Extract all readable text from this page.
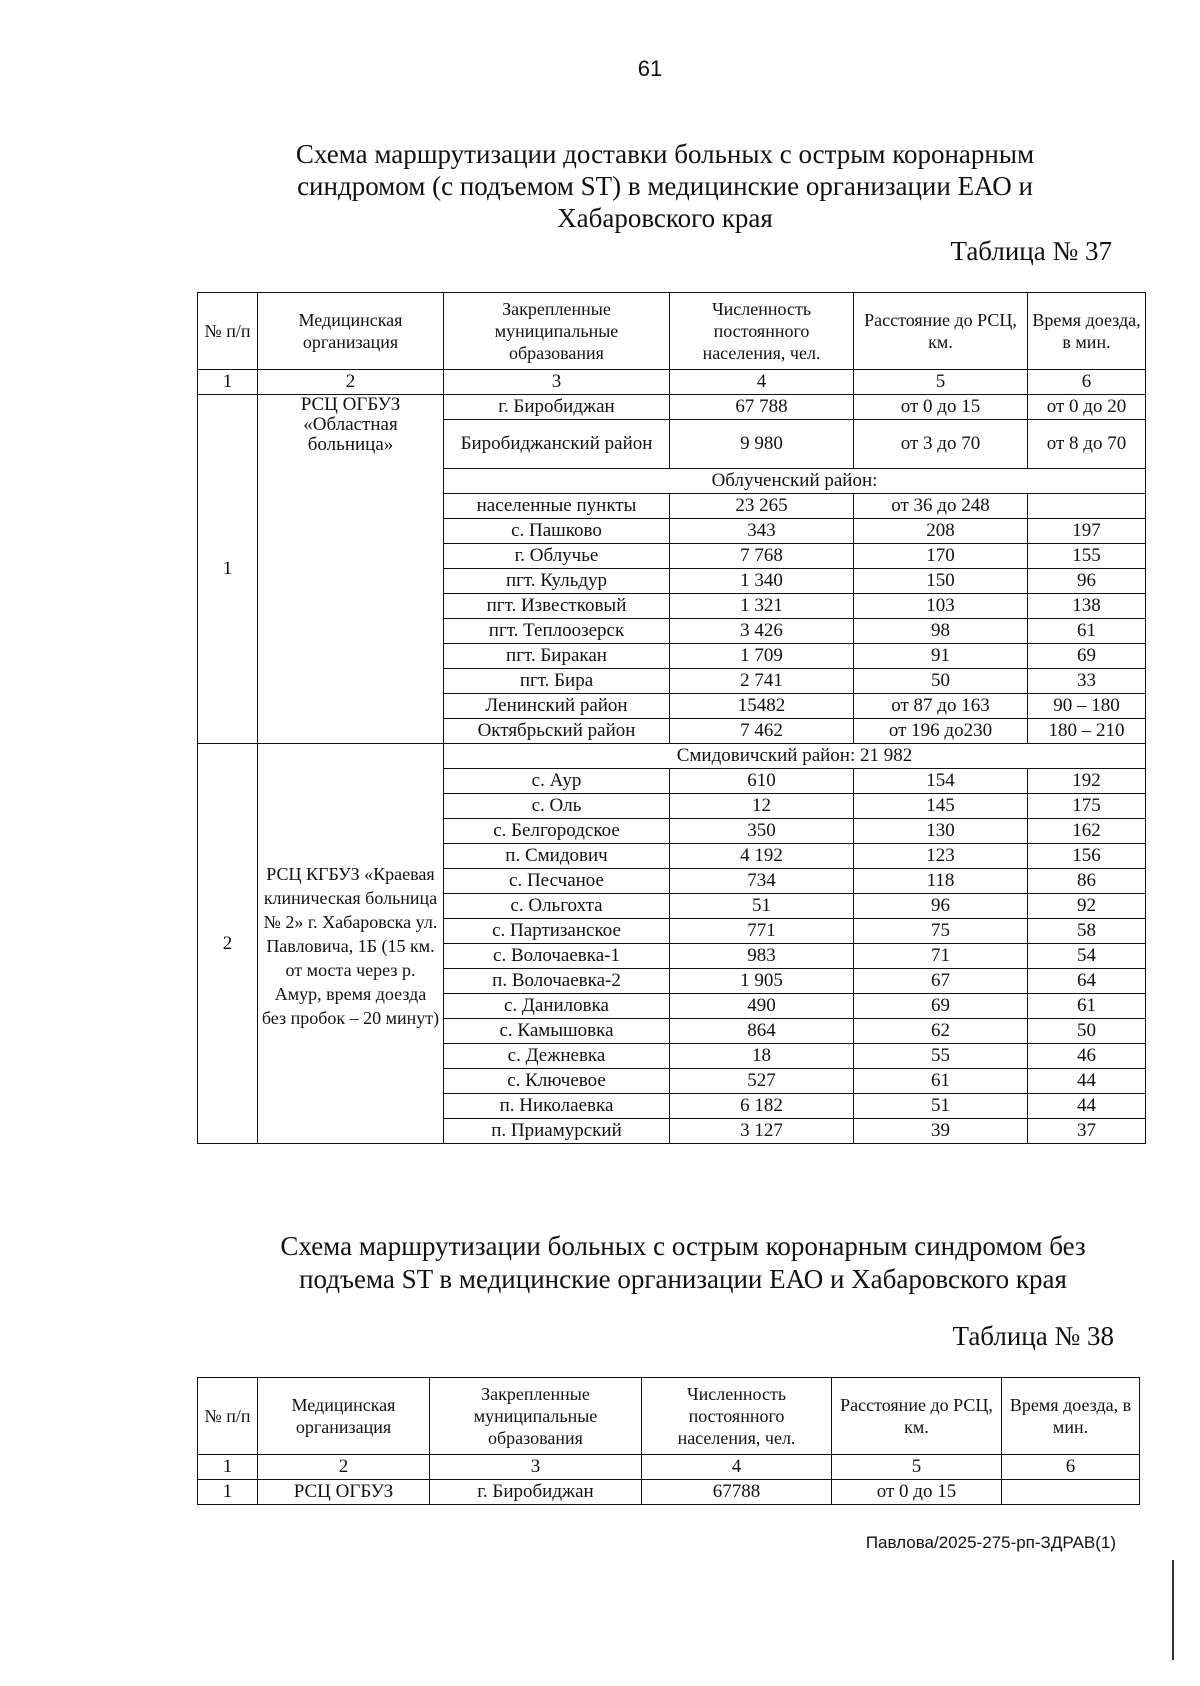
61
Схема маршрутизации доставки больных с острым коронарным синдромом (с подъемом ST) в медицинские организации ЕАО и Хабаровского края
Таблица № 37
№ п/п	Медицинская организация	Закрепленные муниципальные образования	Численность постоянного населения, чел.	Расстояние до РСЦ, км.	Время доезда, в мин.
1	2	3	4	5	6
1	РСЦ ОГБУЗ «Областная больница»	г. Биробиджан	67 788	от 0 до 15	от 0 до 20
		Биробиджанский район	9 980	от 3 до 70	от 8 до 70
		Облученский район:			
		населенные пункты	23 265	от 36 до 248	
		с. Пашково	343	208	197
		г. Облучье	7 768	170	155
		пгт. Кульдур	1 340	150	96
		пгт. Известковый	1 321	103	138
		пгт. Теплоозерск	3 426	98	61
		пгт. Биракан	1 709	91	69
		пгт. Бира	2 741	50	33
		Ленинский район	15482	от 87 до 163	90 – 180
		Октябрьский район	7 462	от 196 до230	180 – 210
2	РСЦ КГБУЗ «Краевая клиническая больница № 2» г. Хабаровска ул. Павловича, 1Б (15 км. от моста через р. Амур, время доезда без пробок – 20 минут)	Смидовичский район: 21 982			
		с. Аур	610	154	192
		с. Оль	12	145	175
		с. Белгородское	350	130	162
		п. Смидович	4 192	123	156
		с. Песчаное	734	118	86
		с. Ольгохта	51	96	92
		с. Партизанское	771	75	58
		с. Волочаевка-1	983	71	54
		п. Волочаевка-2	1 905	67	64
		с. Даниловка	490	69	61
		с. Камышовка	864	62	50
		с. Дежневка	18	55	46
		с. Ключевое	527	61	44
		п. Николаевка	6 182	51	44
		п. Приамурский	3 127	39	37
Схема маршрутизации больных с острым коронарным синдромом без подъема ST в медицинские организации ЕАО и Хабаровского края
Таблица № 38
№ п/п	Медицинская организация	Закрепленные муниципальные образования	Численность постоянного населения, чел.	Расстояние до РСЦ, км.	Время доезда, в мин.
1	2	3	4	5	6
1	РСЦ ОГБУЗ	г. Биробиджан	67788	от 0 до 15	
Павлова/2025-275-рп-ЗДРАВ(1)
